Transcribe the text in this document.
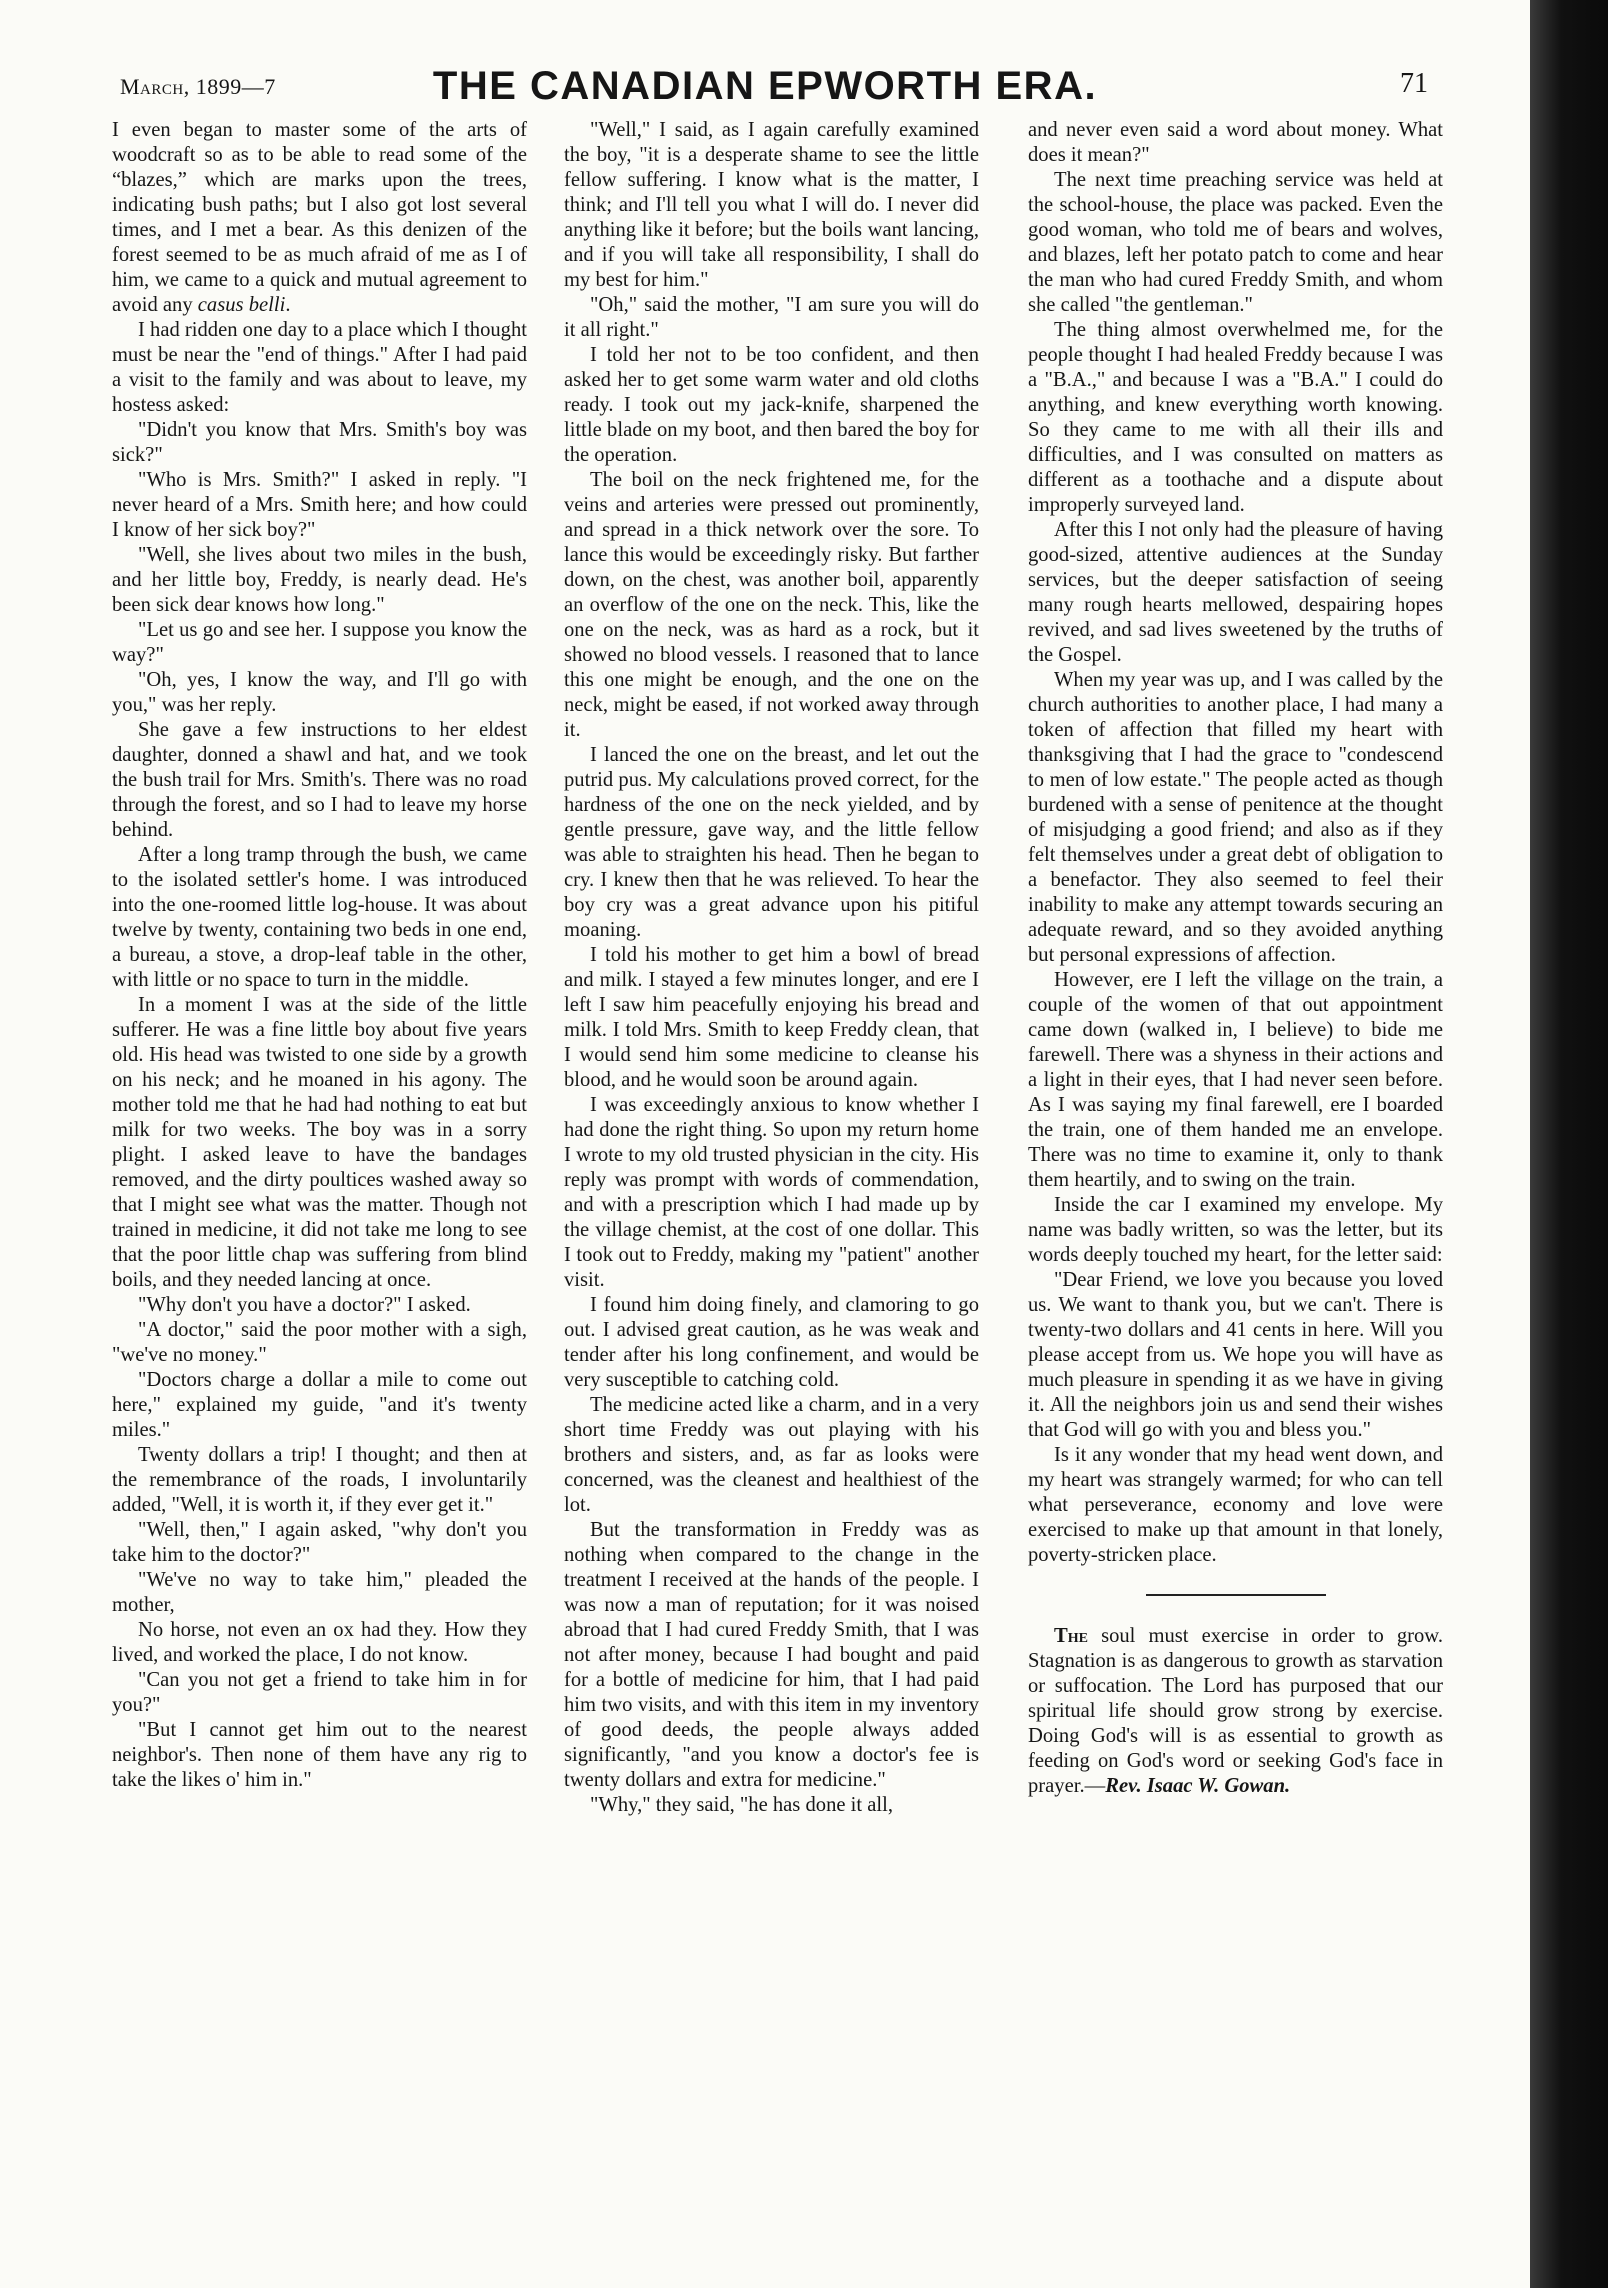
March, 1899—7	THE CANADIAN EPWORTH ERA.	71

I even began to master some of the arts of woodcraft so as to be able to read some of the “blazes,” which are marks upon the trees, indicating bush paths; but I also got lost several times, and I met a bear. As this denizen of the forest seemed to be as much afraid of me as I of him, we came to a quick and mutual agreement to avoid any casus belli.

I had ridden one day to a place which I thought must be near the "end of things." After I had paid a visit to the family and was about to leave, my hostess asked:

"Didn't you know that Mrs. Smith's boy was sick?"

"Who is Mrs. Smith?" I asked in reply. "I never heard of a Mrs. Smith here; and how could I know of her sick boy?"

"Well, she lives about two miles in the bush, and her little boy, Freddy, is nearly dead. He's been sick dear knows how long."

"Let us go and see her. I suppose you know the way?"

"Oh, yes, I know the way, and I'll go with you," was her reply.

She gave a few instructions to her eldest daughter, donned a shawl and hat, and we took the bush trail for Mrs. Smith's. There was no road through the forest, and so I had to leave my horse behind.

After a long tramp through the bush, we came to the isolated settler's home. I was introduced into the one-roomed little log-house. It was about twelve by twenty, containing two beds in one end, a bureau, a stove, a drop-leaf table in the other, with little or no space to turn in the middle.

In a moment I was at the side of the little sufferer. He was a fine little boy about five years old. His head was twisted to one side by a growth on his neck; and he moaned in his agony. The mother told me that he had had nothing to eat but milk for two weeks. The boy was in a sorry plight. I asked leave to have the bandages removed, and the dirty poultices washed away so that I might see what was the matter. Though not trained in medicine, it did not take me long to see that the poor little chap was suffering from blind boils, and they needed lancing at once.

"Why don't you have a doctor?" I asked.

"A doctor," said the poor mother with a sigh, "we've no money."

"Doctors charge a dollar a mile to come out here," explained my guide, "and it's twenty miles."

Twenty dollars a trip! I thought; and then at the remembrance of the roads, I involuntarily added, "Well, it is worth it, if they ever get it."

"Well, then," I again asked, "why don't you take him to the doctor?"

"We've no way to take him," pleaded the mother,

No horse, not even an ox had they. How they lived, and worked the place, I do not know.

"Can you not get a friend to take him in for you?"

"But I cannot get him out to the nearest neighbor's. Then none of them have any rig to take the likes o' him in."

"Well," I said, as I again carefully examined the boy, "it is a desperate shame to see the little fellow suffering. I know what is the matter, I think; and I'll tell you what I will do. I never did anything like it before; but the boils want lancing, and if you will take all responsibility, I shall do my best for him."

"Oh," said the mother, "I am sure you will do it all right."

I told her not to be too confident, and then asked her to get some warm water and old cloths ready. I took out my jack-knife, sharpened the little blade on my boot, and then bared the boy for the operation.

The boil on the neck frightened me, for the veins and arteries were pressed out prominently, and spread in a thick network over the sore. To lance this would be exceedingly risky. But farther down, on the chest, was another boil, apparently an overflow of the one on the neck. This, like the one on the neck, was as hard as a rock, but it showed no blood vessels. I reasoned that to lance this one might be enough, and the one on the neck, might be eased, if not worked away through it.

I lanced the one on the breast, and let out the putrid pus. My calculations proved correct, for the hardness of the one on the neck yielded, and by gentle pressure, gave way, and the little fellow was able to straighten his head. Then he began to cry. I knew then that he was relieved. To hear the boy cry was a great advance upon his pitiful moaning.

I told his mother to get him a bowl of bread and milk. I stayed a few minutes longer, and ere I left I saw him peacefully enjoying his bread and milk. I told Mrs. Smith to keep Freddy clean, that I would send him some medicine to cleanse his blood, and he would soon be around again.

I was exceedingly anxious to know whether I had done the right thing. So upon my return home I wrote to my old trusted physician in the city. His reply was prompt with words of commendation, and with a prescription which I had made up by the village chemist, at the cost of one dollar. This I took out to Freddy, making my "patient" another visit.

I found him doing finely, and clamoring to go out. I advised great caution, as he was weak and tender after his long confinement, and would be very susceptible to catching cold.

The medicine acted like a charm, and in a very short time Freddy was out playing with his brothers and sisters, and, as far as looks were concerned, was the cleanest and healthiest of the lot.

But the transformation in Freddy was as nothing when compared to the change in the treatment I received at the hands of the people. I was now a man of reputation; for it was noised abroad that I had cured Freddy Smith, that I was not after money, because I had bought and paid for a bottle of medicine for him, that I had paid him two visits, and with this item in my inventory of good deeds, the people always added significantly, "and you know a doctor's fee is twenty dollars and extra for medicine."

"Why," they said, "he has done it all,

and never even said a word about money. What does it mean?"

The next time preaching service was held at the school-house, the place was packed. Even the good woman, who told me of bears and wolves, and blazes, left her potato patch to come and hear the man who had cured Freddy Smith, and whom she called "the gentleman."

The thing almost overwhelmed me, for the people thought I had healed Freddy because I was a "B.A.," and because I was a "B.A." I could do anything, and knew everything worth knowing. So they came to me with all their ills and difficulties, and I was consulted on matters as different as a toothache and a dispute about improperly surveyed land.

After this I not only had the pleasure of having good-sized, attentive audiences at the Sunday services, but the deeper satisfaction of seeing many rough hearts mellowed, despairing hopes revived, and sad lives sweetened by the truths of the Gospel.

When my year was up, and I was called by the church authorities to another place, I had many a token of affection that filled my heart with thanksgiving that I had the grace to "condescend to men of low estate." The people acted as though burdened with a sense of penitence at the thought of misjudging a good friend; and also as if they felt themselves under a great debt of obligation to a benefactor. They also seemed to feel their inability to make any attempt towards securing an adequate reward, and so they avoided anything but personal expressions of affection.

However, ere I left the village on the train, a couple of the women of that out appointment came down (walked in, I believe) to bide me farewell. There was a shyness in their actions and a light in their eyes, that I had never seen before. As I was saying my final farewell, ere I boarded the train, one of them handed me an envelope. There was no time to examine it, only to thank them heartily, and to swing on the train.

Inside the car I examined my envelope. My name was badly written, so was the letter, but its words deeply touched my heart, for the letter said:

"Dear Friend, we love you because you loved us. We want to thank you, but we can't. There is twenty-two dollars and 41 cents in here. Will you please accept from us. We hope you will have as much pleasure in spending it as we have in giving it. All the neighbors join us and send their wishes that God will go with you and bless you."

Is it any wonder that my head went down, and my heart was strangely warmed; for who can tell what perseverance, economy and love were exercised to make up that amount in that lonely, poverty-stricken place.

The soul must exercise in order to grow. Stagnation is as dangerous to growth as starvation or suffocation. The Lord has purposed that our spiritual life should grow strong by exercise. Doing God's will is as essential to growth as feeding on God's word or seeking God's face in prayer.—Rev. Isaac W. Gowan.
